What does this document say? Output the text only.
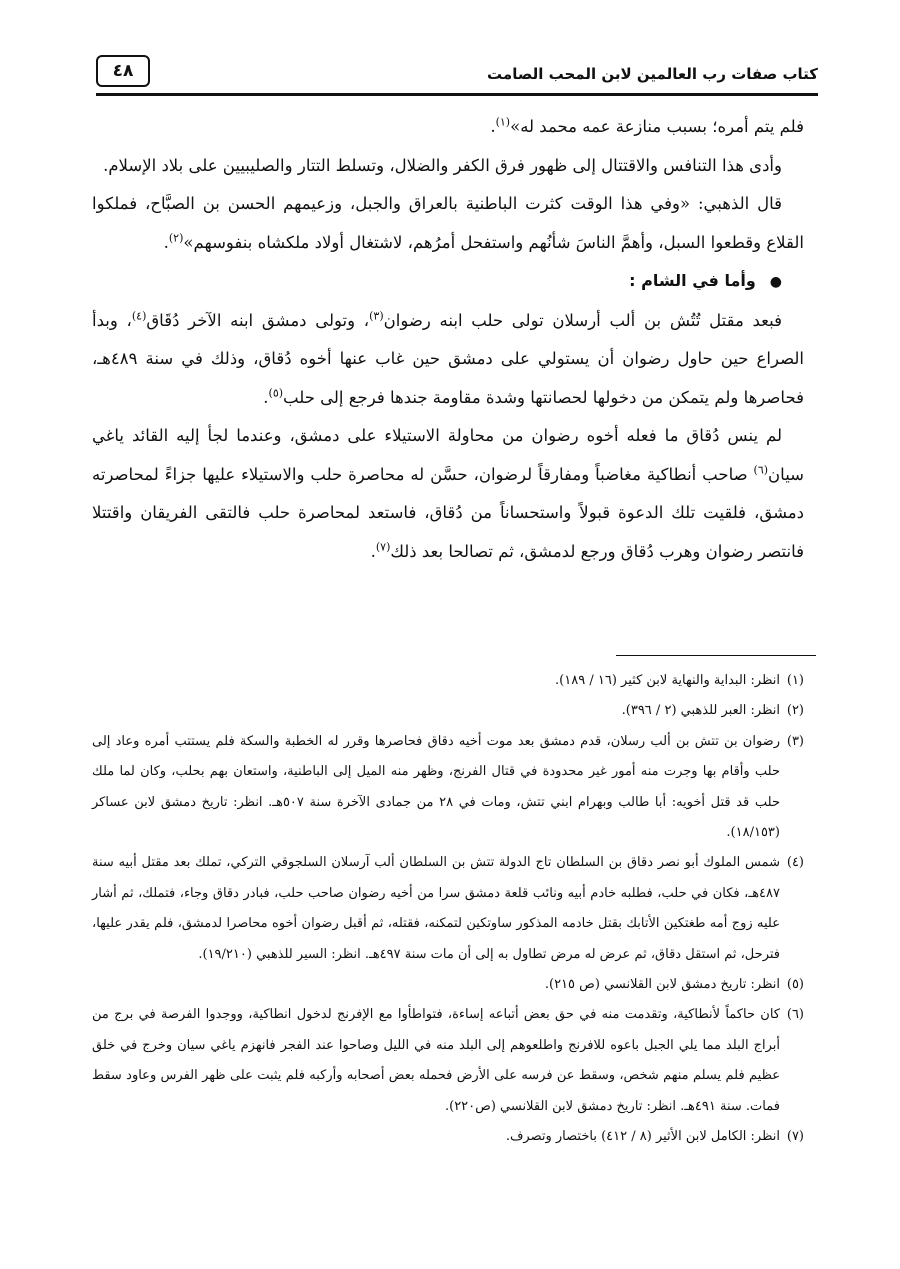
كتاب صفات رب العالمين لابن المحب الصامت
٤٨

فلم يتم أمره؛ بسبب منازعة عمه محمد له»$^{(١)}$.

وأدى هذا التنافس والاقتتال إلى ظهور فرق الكفر والضلال، وتسلط التتار والصليبيين على بلاد الإسلام.

قال الذهبي: «وفي هذا الوقت كثرت الباطنية بالعراق والجبل، وزعيمهم الحسن بن الصبَّاح، فملكوا القلاع وقطعوا السبل، وأهمَّ الناسَ شأنُهم واستفحل أمرُهم، لاشتغال أولاد ملكشاه بنفوسهم»$^{(٢)}$.

●وأما في الشام :

فبعد مقتل تُتُش بن ألب أرسلان تولى حلب ابنه رضوان$^{(٣)}$، وتولى دمشق ابنه الآخر دُقَاق$^{(٤)}$، وبدأ الصراع حين حاول رضوان أن يستولي على دمشق حين غاب عنها أخوه دُقاق، وذلك في سنة ٤٨٩هـ، فحاصرها ولم يتمكن من دخولها لحصانتها وشدة مقاومة جندها فرجع إلى حلب$^{(٥)}$.

لم ينس دُقاق ما فعله أخوه رضوان من محاولة الاستيلاء على دمشق، وعندما لجأ إليه القائد ياغي سيان$^{(٦)}$ صاحب أنطاكية مغاضباً ومفارقاً لرضوان، حسَّن له محاصرة حلب والاستيلاء عليها جزاءً لمحاصرته دمشق، فلقيت تلك الدعوة قبولاً واستحساناً من دُقاق، فاستعد لمحاصرة حلب فالتقى الفريقان واقتتلا فانتصر رضوان وهرب دُقاق ورجع لدمشق، ثم تصالحا بعد ذلك$^{(٧)}$.

(١)
انظر: البداية والنهاية لابن كثير (١٦ / ١٨٩).

(٢)
انظر: العبر للذهبي (٢ / ٣٩٦).

(٣)
رضوان بن تتش بن ألب رسلان، قدم دمشق بعد موت أخيه دقاق فحاصرها وقرر له الخطبة والسكة فلم يستتب أمره وعاد إلى حلب وأقام بها وجرت منه أمور غير محدودة في قتال الفرنج، وظهر منه الميل إلى الباطنية، واستعان بهم بحلب، وكان لما ملك حلب قد قتل أخويه: أبا طالب وبهرام ابني تتش، ومات في ٢٨ من جمادى الآخرة سنة ٥٠٧هـ. انظر: تاريخ دمشق لابن عساكر (١٨/١٥٣).

(٤)
شمس الملوك أبو نصر دقاق بن السلطان تاج الدولة تتش بن السلطان ألب آرسلان السلجوقي التركي، تملك بعد مقتل أبيه سنة ٤٨٧هـ، فكان في حلب، فطلبه خادم أبيه ونائب قلعة دمشق سرا من أخيه رضوان صاحب حلب، فبادر دقاق وجاء، فتملك، ثم أشار عليه زوج أمه طغتكين الأتابك بقتل خادمه المذكور ساوتكين لتمكنه، فقتله، ثم أقبل رضوان أخوه محاصرا لدمشق، فلم يقدر عليها، فترحل، ثم استقل دقاق، ثم عرض له مرض تطاول به إلى أن مات سنة ٤٩٧هـ. انظر: السير للذهبي (١٩/٢١٠).

(٥)
انظر: تاريخ دمشق لابن القلانسي (ص ٢١٥).

(٦)
كان حاكماً لأنطاكية، وتقدمت منه في حق بعض أتباعه إساءة، فتواطأوا مع الإفرنج لدخول انطاكية، ووجدوا الفرصة في برج من أبراج البلد مما يلي الجبل باعوه للافرنج واطلعوهم إلى البلد منه في الليل وصاحوا عند الفجر فانهزم ياغي سيان وخرج في خلق عظيم فلم يسلم منهم شخص، وسقط عن فرسه على الأرض فحمله بعض أصحابه وأركبه فلم يثبت على ظهر الفرس وعاود سقط فمات. سنة ٤٩١هـ. انظر: تاريخ دمشق لابن القلانسي (ص٢٢٠).

(٧)
انظر: الكامل لابن الأثير (٨ / ٤١٢) باختصار وتصرف.
